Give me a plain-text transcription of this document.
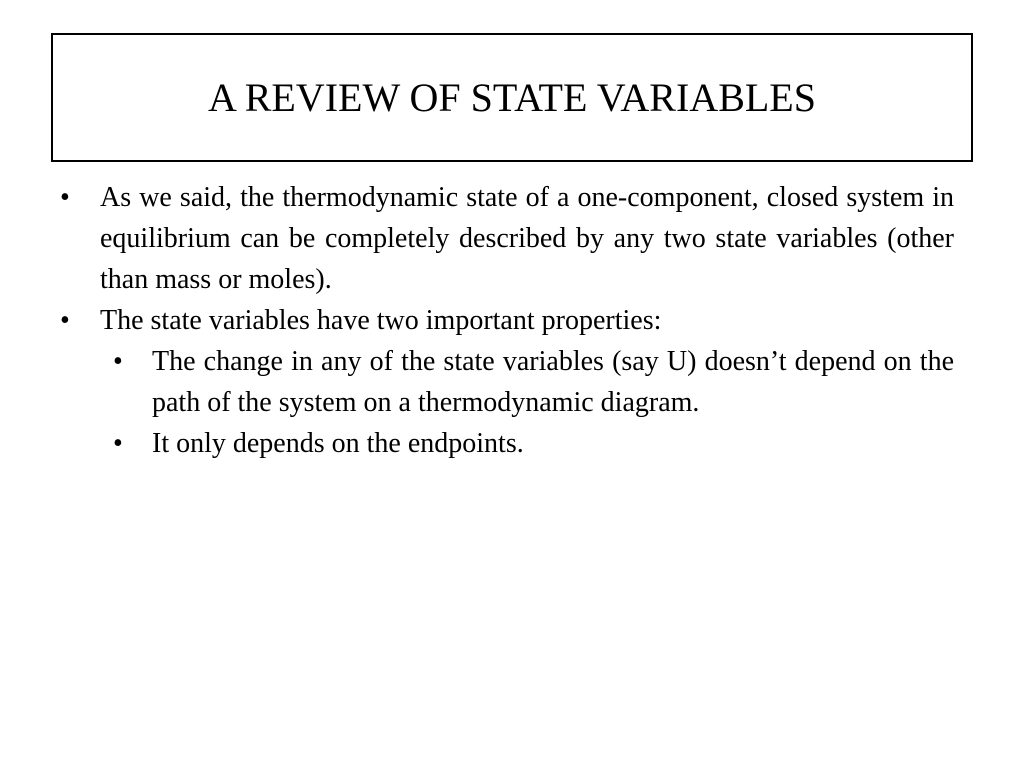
A REVIEW OF STATE VARIABLES
• As we said, the thermodynamic state of a one-component, closed system in equilibrium can be completely described by any two state variables (other than mass or moles).
• The state variables have two important properties:
• The change in any of the state variables (say U) doesn’t depend on the path of the system on a thermodynamic diagram.
• It only depends on the endpoints.
